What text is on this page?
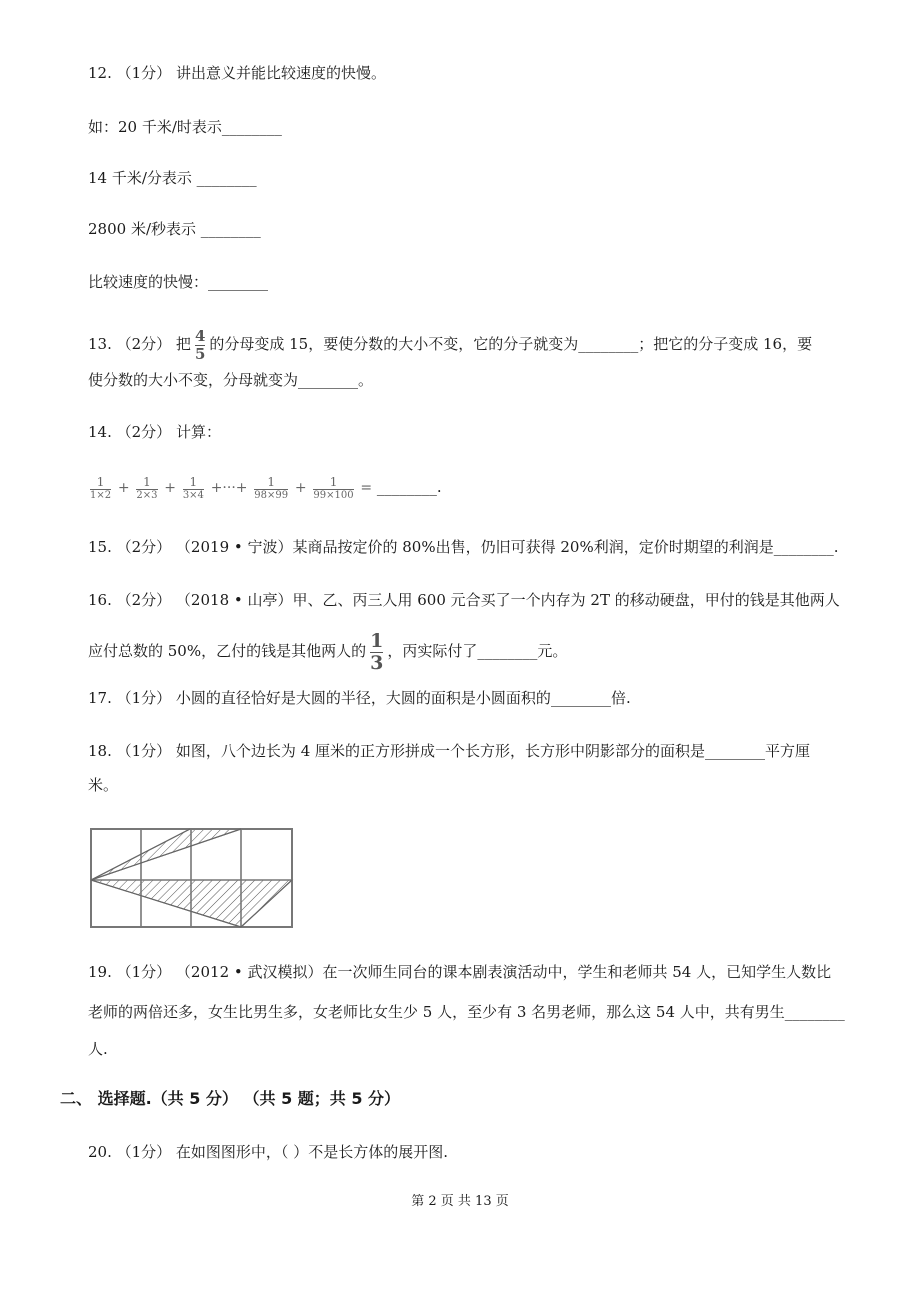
12. （1分） 讲出意义并能比较速度的快慢。
如：20 千米/时表示________
14 千米/分表示 ________
2800 米/秒表示 ________
比较速度的快慢：________
13. （2分） 把 $\frac{4}{5}$ 的分母变成 15，要使分数的大小不变，它的分子就变为________；把它的分子变成 16，要
使分数的大小不变，分母就变为________。
14. （2分） 计算：
1
1×2 +	1
2×3 +	1
3×4 +···+	1
98×99 +	1
99×100 = ________.
15. （2分） （2019 • 宁波）某商品按定价的 80%出售，仍旧可获得 20%利润，定价时期望的利润是________.
16. （2分） （2018 • 山亭）甲、乙、丙三人用 600 元合买了一个内存为 2T 的移动硬盘，甲付的钱是其他两人
应付总数的 50%，乙付的钱是其他两人的 $\frac{1}{3}$ ，丙实际付了________元。
17. （1分） 小圆的直径恰好是大圆的半径，大圆的面积是小圆面积的________倍.
18. （1分） 如图，八个边长为 4 厘米的正方形拼成一个长方形，长方形中阴影部分的面积是________平方厘
米。
19. （1分） （2012 • 武汉模拟）在一次师生同台的课本剧表演活动中，学生和老师共 54 人，已知学生人数比
老师的两倍还多，女生比男生多，女老师比女生少 5 人，至少有 3 名男老师，那么这 54 人中，共有男生________
人.
二、 选择题.（共 5 分） （共 5 题；共 5 分）
20. （1分） 在如图图形中，（ ）不是长方体的展开图.
第 2 页 共 13 页
